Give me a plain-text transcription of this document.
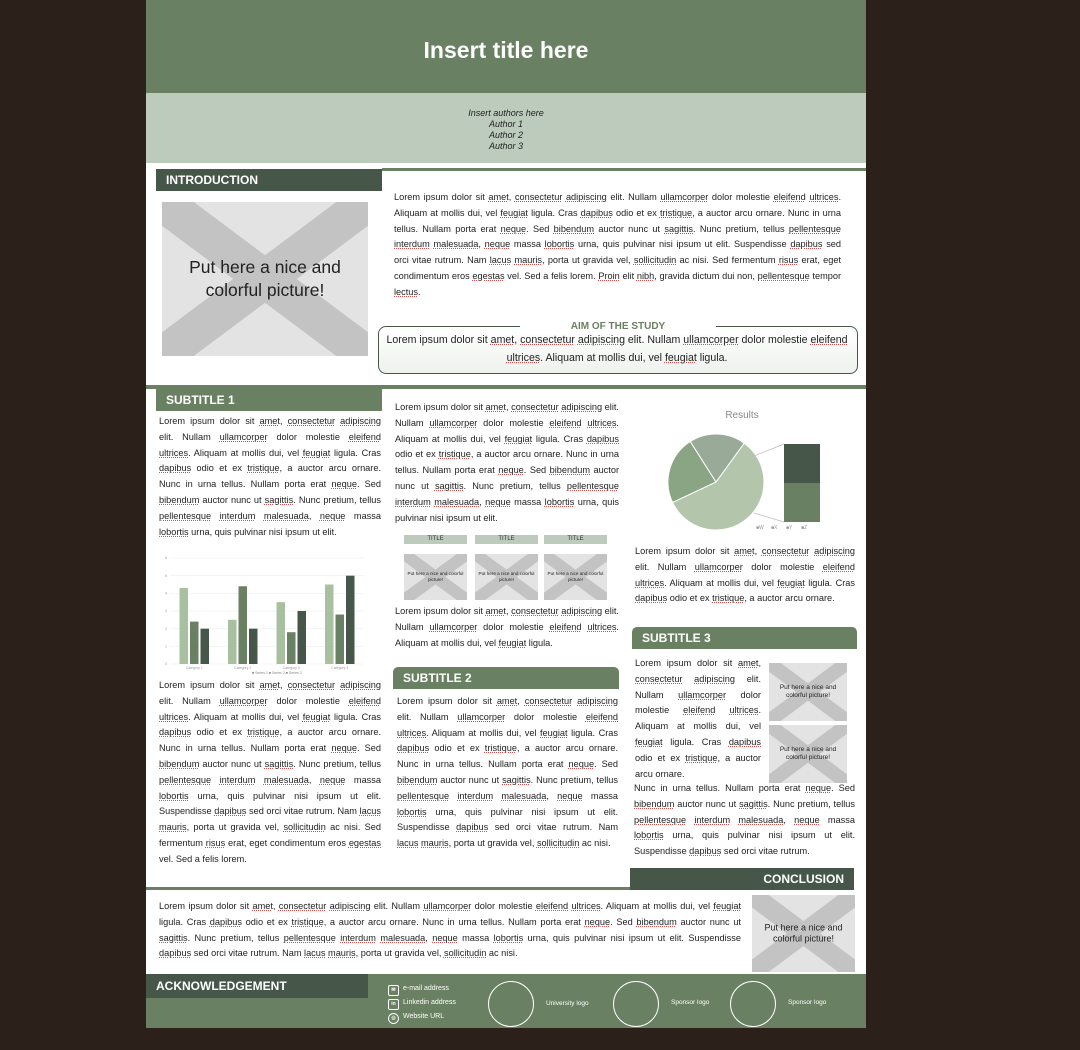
Insert title here
Insert authors here
Author 1
Author 2
Author 3
INTRODUCTION
Put here a nice and colorful picture!
Lorem ipsum dolor sit amet, consectetur adipiscing elit. Nullam ullamcorper dolor molestie eleifend ultrices. Aliquam at mollis dui, vel feugiat ligula. Cras dapibus odio et ex tristique, a auctor arcu ornare. Nunc in urna tellus. Nullam porta erat neque. Sed bibendum auctor nunc ut sagittis. Nunc pretium, tellus pellentesque interdum malesuada, neque massa lobortis urna, quis pulvinar nisi ipsum ut elit. Suspendisse dapibus sed orci vitae rutrum. Nam lacus mauris, porta ut gravida vel, sollicitudin ac nisi. Sed fermentum risus erat, eget condimentum eros egestas vel. Sed a felis lorem. Proin elit nibh, gravida dictum dui non, pellentesque tempor lectus.
AIM OF THE STUDY
Lorem ipsum dolor sit amet, consectetur adipiscing elit. Nullam ullamcorper dolor molestie eleifend ultrices. Aliquam at mollis dui, vel feugiat ligula.
SUBTITLE 1
Lorem ipsum dolor sit amet, consectetur adipiscing elit. Nullam ullamcorper dolor molestie eleifend ultrices. Aliquam at mollis dui, vel feugiat ligula. Cras dapibus odio et ex tristique, a auctor arcu ornare. Nunc in urna tellus. Nullam porta erat neque. Sed bibendum auctor nunc ut sagittis. Nunc pretium, tellus pellentesque interdum malesuada, neque massa lobortis urna, quis pulvinar nisi ipsum ut elit.
0
1
2
3
4
5
6
Category 1	Category 2	Category 3	Category 4
■ Series 1 ■ Series 2 ■ Series 3
Lorem ipsum dolor sit amet, consectetur adipiscing elit. Nullam ullamcorper dolor molestie eleifend ultrices. Aliquam at mollis dui, vel feugiat ligula. Cras dapibus odio et ex tristique, a auctor arcu ornare. Nunc in urna tellus. Nullam porta erat neque. Sed bibendum auctor nunc ut sagittis. Nunc pretium, tellus pellentesque interdum malesuada, neque massa lobortis urna, quis pulvinar nisi ipsum ut elit. Suspendisse dapibus sed orci vitae rutrum. Nam lacus mauris, porta ut gravida vel, sollicitudin ac nisi. Sed fermentum risus erat, eget condimentum eros egestas vel. Sed a felis lorem.
Lorem ipsum dolor sit amet, consectetur adipiscing elit. Nullam ullamcorper dolor molestie eleifend ultrices. Aliquam at mollis dui, vel feugiat ligula. Cras dapibus odio et ex tristique, a auctor arcu ornare. Nunc in urna tellus. Nullam porta erat neque. Sed bibendum auctor nunc ut sagittis. Nunc pretium, tellus pellentesque interdum malesuada, neque massa lobortis urna, quis pulvinar nisi ipsum ut elit.
TITLE	TITLE	TITLE
Put here a nice and colorful picture!
Put here a nice and colorful picture!
Put here a nice and colorful picture!
Lorem ipsum dolor sit amet, consectetur adipiscing elit. Nullam ullamcorper dolor molestie eleifend ultrices. Aliquam at mollis dui, vel feugiat ligula.
SUBTITLE 2
Lorem ipsum dolor sit amet, consectetur adipiscing elit. Nullam ullamcorper dolor molestie eleifend ultrices. Aliquam at mollis dui, vel feugiat ligula. Cras dapibus odio et ex tristique, a auctor arcu ornare. Nunc in urna tellus. Nullam porta erat neque. Sed bibendum auctor nunc ut sagittis. Nunc pretium, tellus pellentesque interdum malesuada, neque massa lobortis urna, quis pulvinar nisi ipsum ut elit. Suspendisse dapibus sed orci vitae rutrum. Nam lacus mauris, porta ut gravida vel, sollicitudin ac nisi.
Results
■W ■X ■Y ■Z
Lorem ipsum dolor sit amet, consectetur adipiscing elit. Nullam ullamcorper dolor molestie eleifend ultrices. Aliquam at mollis dui, vel feugiat ligula. Cras dapibus odio et ex tristique, a auctor arcu ornare.
SUBTITLE 3
Lorem ipsum dolor sit amet, consectetur adipiscing elit. Nullam ullamcorper dolor molestie eleifend ultrices. Aliquam at mollis dui, vel feugiat ligula. Cras dapibus odio et ex tristique, a auctor arcu ornare.
Put here a nice and colorful picture!
Put here a nice and colorful picture!
Nunc in urna tellus. Nullam porta erat neque. Sed bibendum auctor nunc ut sagittis. Nunc pretium, tellus pellentesque interdum malesuada, neque massa lobortis urna, quis pulvinar nisi ipsum ut elit. Suspendisse dapibus sed orci vitae rutrum.
CONCLUSION
Lorem ipsum dolor sit amet, consectetur adipiscing elit. Nullam ullamcorper dolor molestie eleifend ultrices. Aliquam at mollis dui, vel feugiat ligula. Cras dapibus odio et ex tristique, a auctor arcu ornare. Nunc in urna tellus. Nullam porta erat neque. Sed bibendum auctor nunc ut sagittis. Nunc pretium, tellus pellentesque interdum malesuada, neque massa lobortis urna, quis pulvinar nisi ipsum ut elit. Suspendisse dapibus sed orci vitae rutrum. Nam lacus mauris, porta ut gravida vel, sollicitudin ac nisi.
Put here a nice and colorful picture!
ACKNOWLEDGEMENT	✉ e-mail address
in Linkedin address
◎ Website URL
University logo	Sponsor logo	Sponsor logo
